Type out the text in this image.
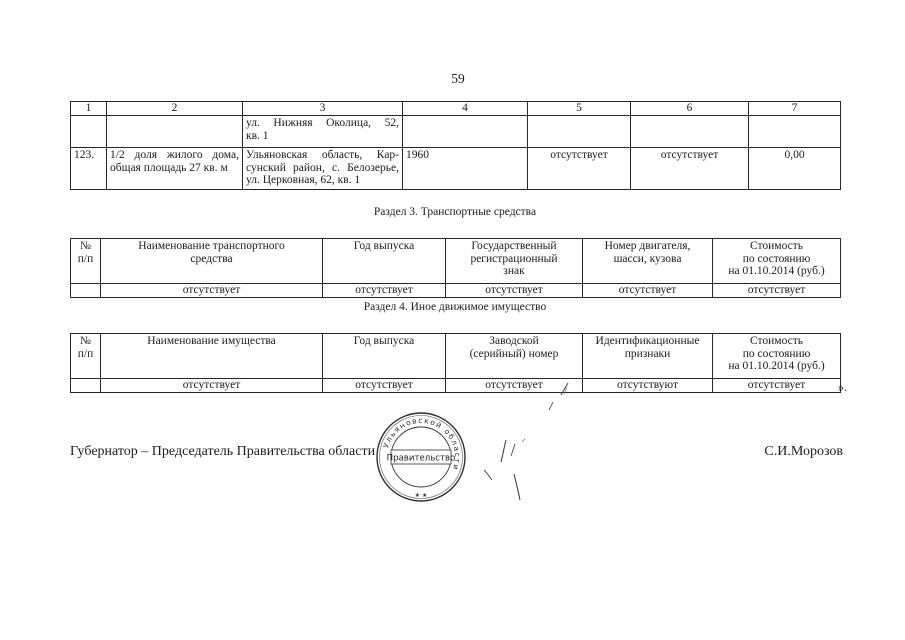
59
1	2	3	4	5	6	7

		ул. Нижняя Околица, 52,
кв. 1				

123.	1/2 доля жилого дома,
общая площадь 27 кв. м	Ульяновская область, Кар-
сунский район, с. Белозерье,
ул. Церковная, 62, кв. 1	1960	отсутствует	отсутствует	0,00
Раздел 3. Транспортные средства
№
п/п	Наименование транспортного
средства	Год выпуска	Государственный
регистрационный
знак	Номер двигателя,
шасси, кузова	Стоимость
по состоянию
на 01.10.2014 (руб.)

	отсутствует	отсутствует	отсутствует	отсутствует	отсутствует
Раздел 4. Иное движимое имущество
№
п/п	Наименование имущества	Год выпуска	Заводской
(серийный) номер	Идентификационные
признаки	Стоимость
по состоянию
на 01.10.2014 (руб.)

	отсутствует	отсутствует	отсутствует	отсутствуют	отсутствует	».
Губернатор – Председатель Правительства области	С.И.Морозов
Ульяновской области
★ ★
Правительство
